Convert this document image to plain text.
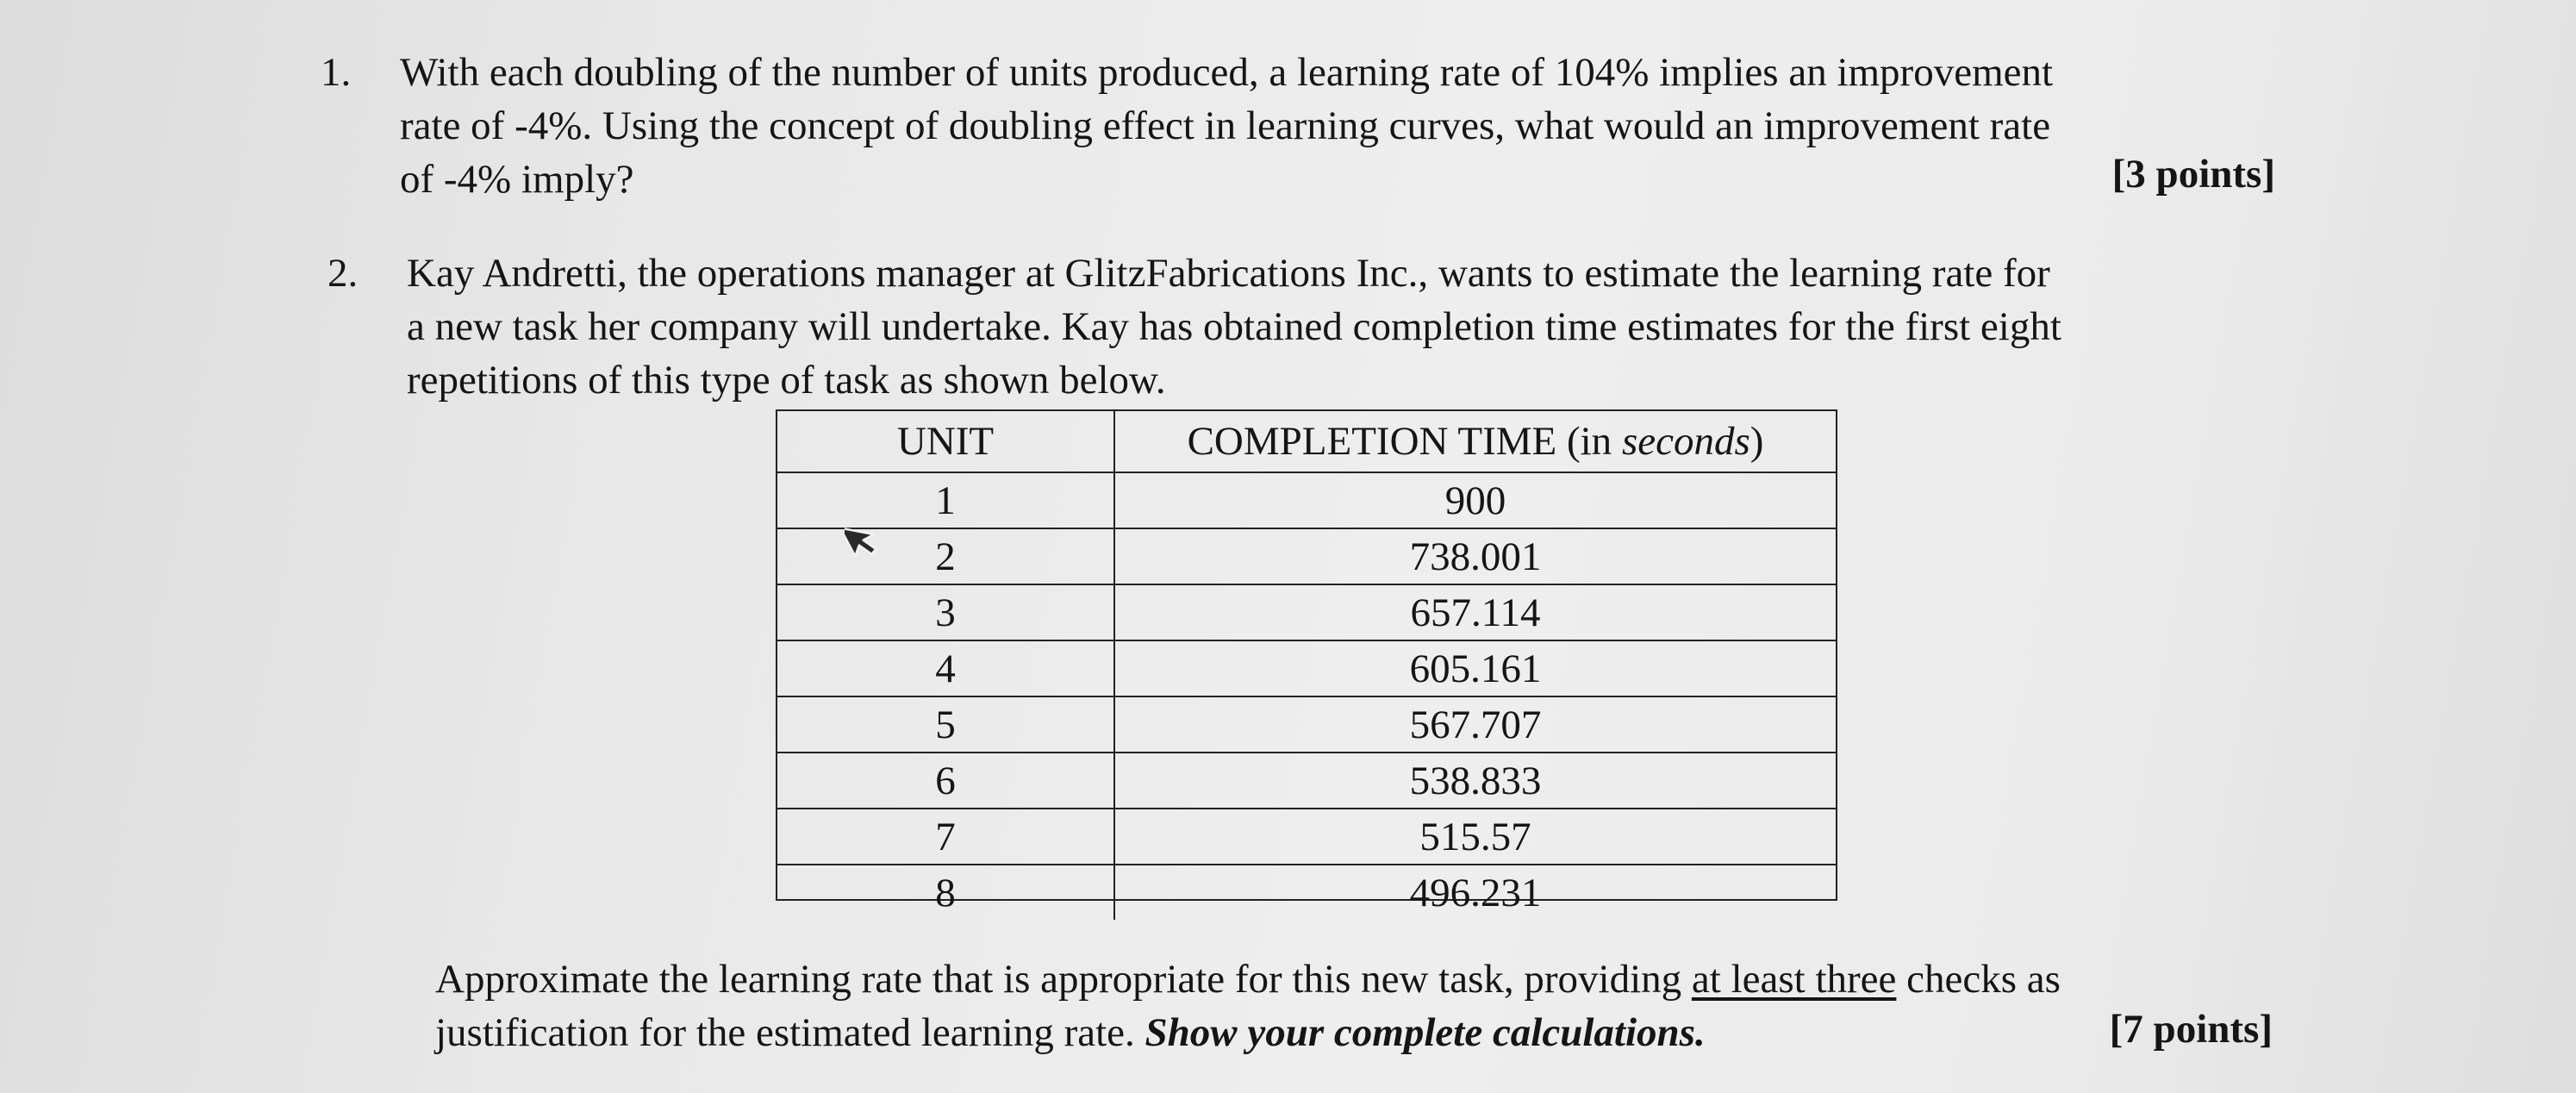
1. With each doubling of the number of units produced, a learning rate of 104% implies an improvement
rate of -4%. Using the concept of doubling effect in learning curves, what would an improvement rate
of -4% imply?	[3 points]
2. Kay Andretti, the operations manager at GlitzFabrications Inc., wants to estimate the learning rate for
a new task her company will undertake. Kay has obtained completion time estimates for the first eight
repetitions of this type of task as shown below.
UNIT	COMPLETION TIME (in seconds)
1	900
2	738.001
3	657.114
4	605.161
5	567.707
6	538.833
7	515.57
8	496.231
Approximate the learning rate that is appropriate for this new task, providing at least three checks as
justification for the estimated learning rate. Show your complete calculations.	[7 points]
